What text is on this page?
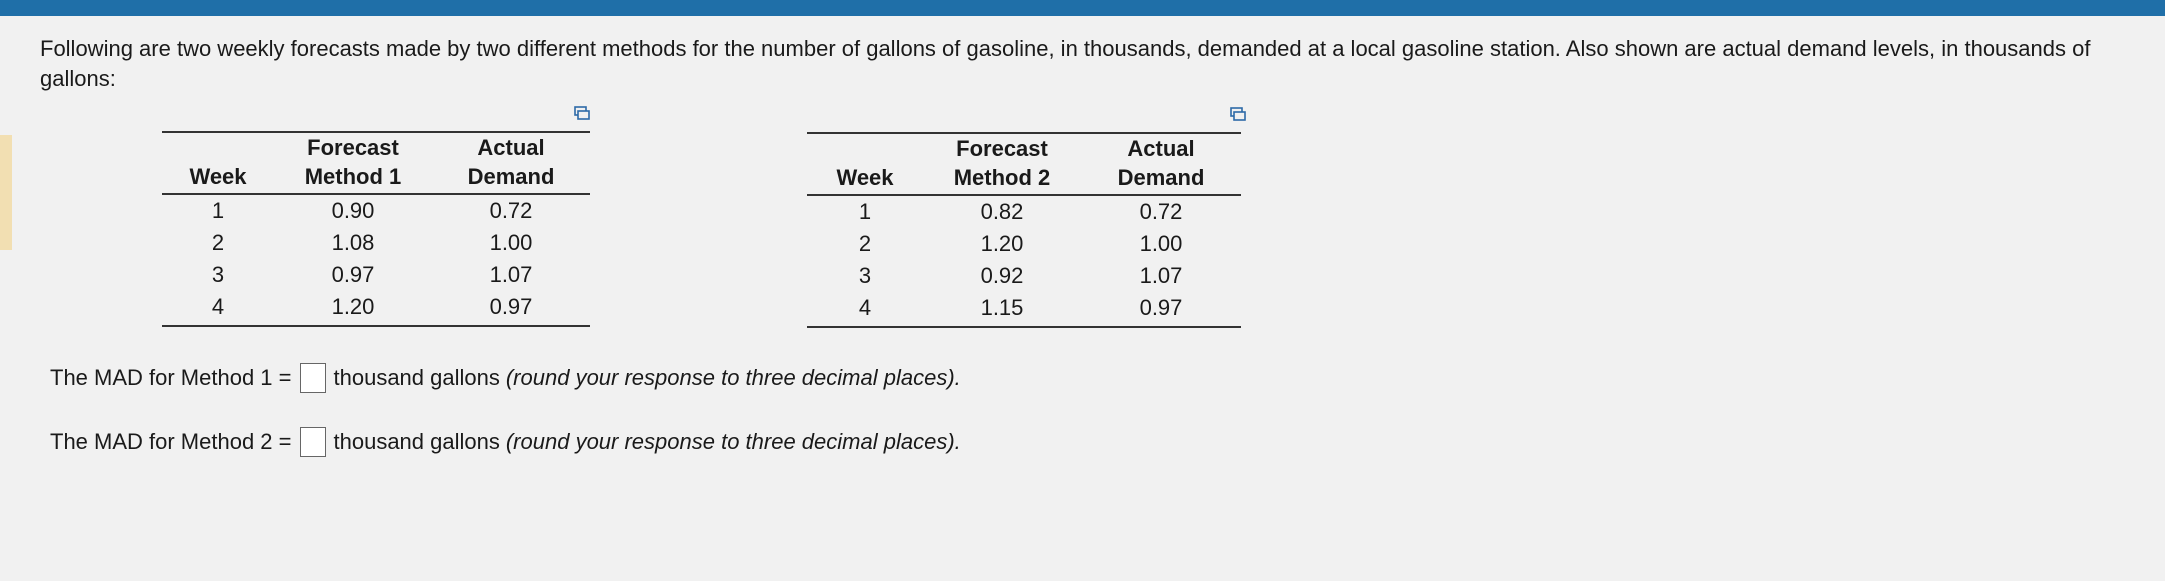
Following are two weekly forecasts made by two different methods for the number of gallons of gasoline, in thousands, demanded at a local gasoline station. Also shown are actual demand levels, in thousands of gallons:
	Forecast	Actual
Week	Method 1	Demand
1	0.90	0.72
2	1.08	1.00
3	0.97	1.07
4	1.20	0.97
	Forecast	Actual
Week	Method 2	Demand
1	0.82	0.72
2	1.20	1.00
3	0.92	1.07
4	1.15	0.97
The MAD for Method 1 = thousand gallons (round your response to three decimal places).
The MAD for Method 2 = thousand gallons (round your response to three decimal places).
